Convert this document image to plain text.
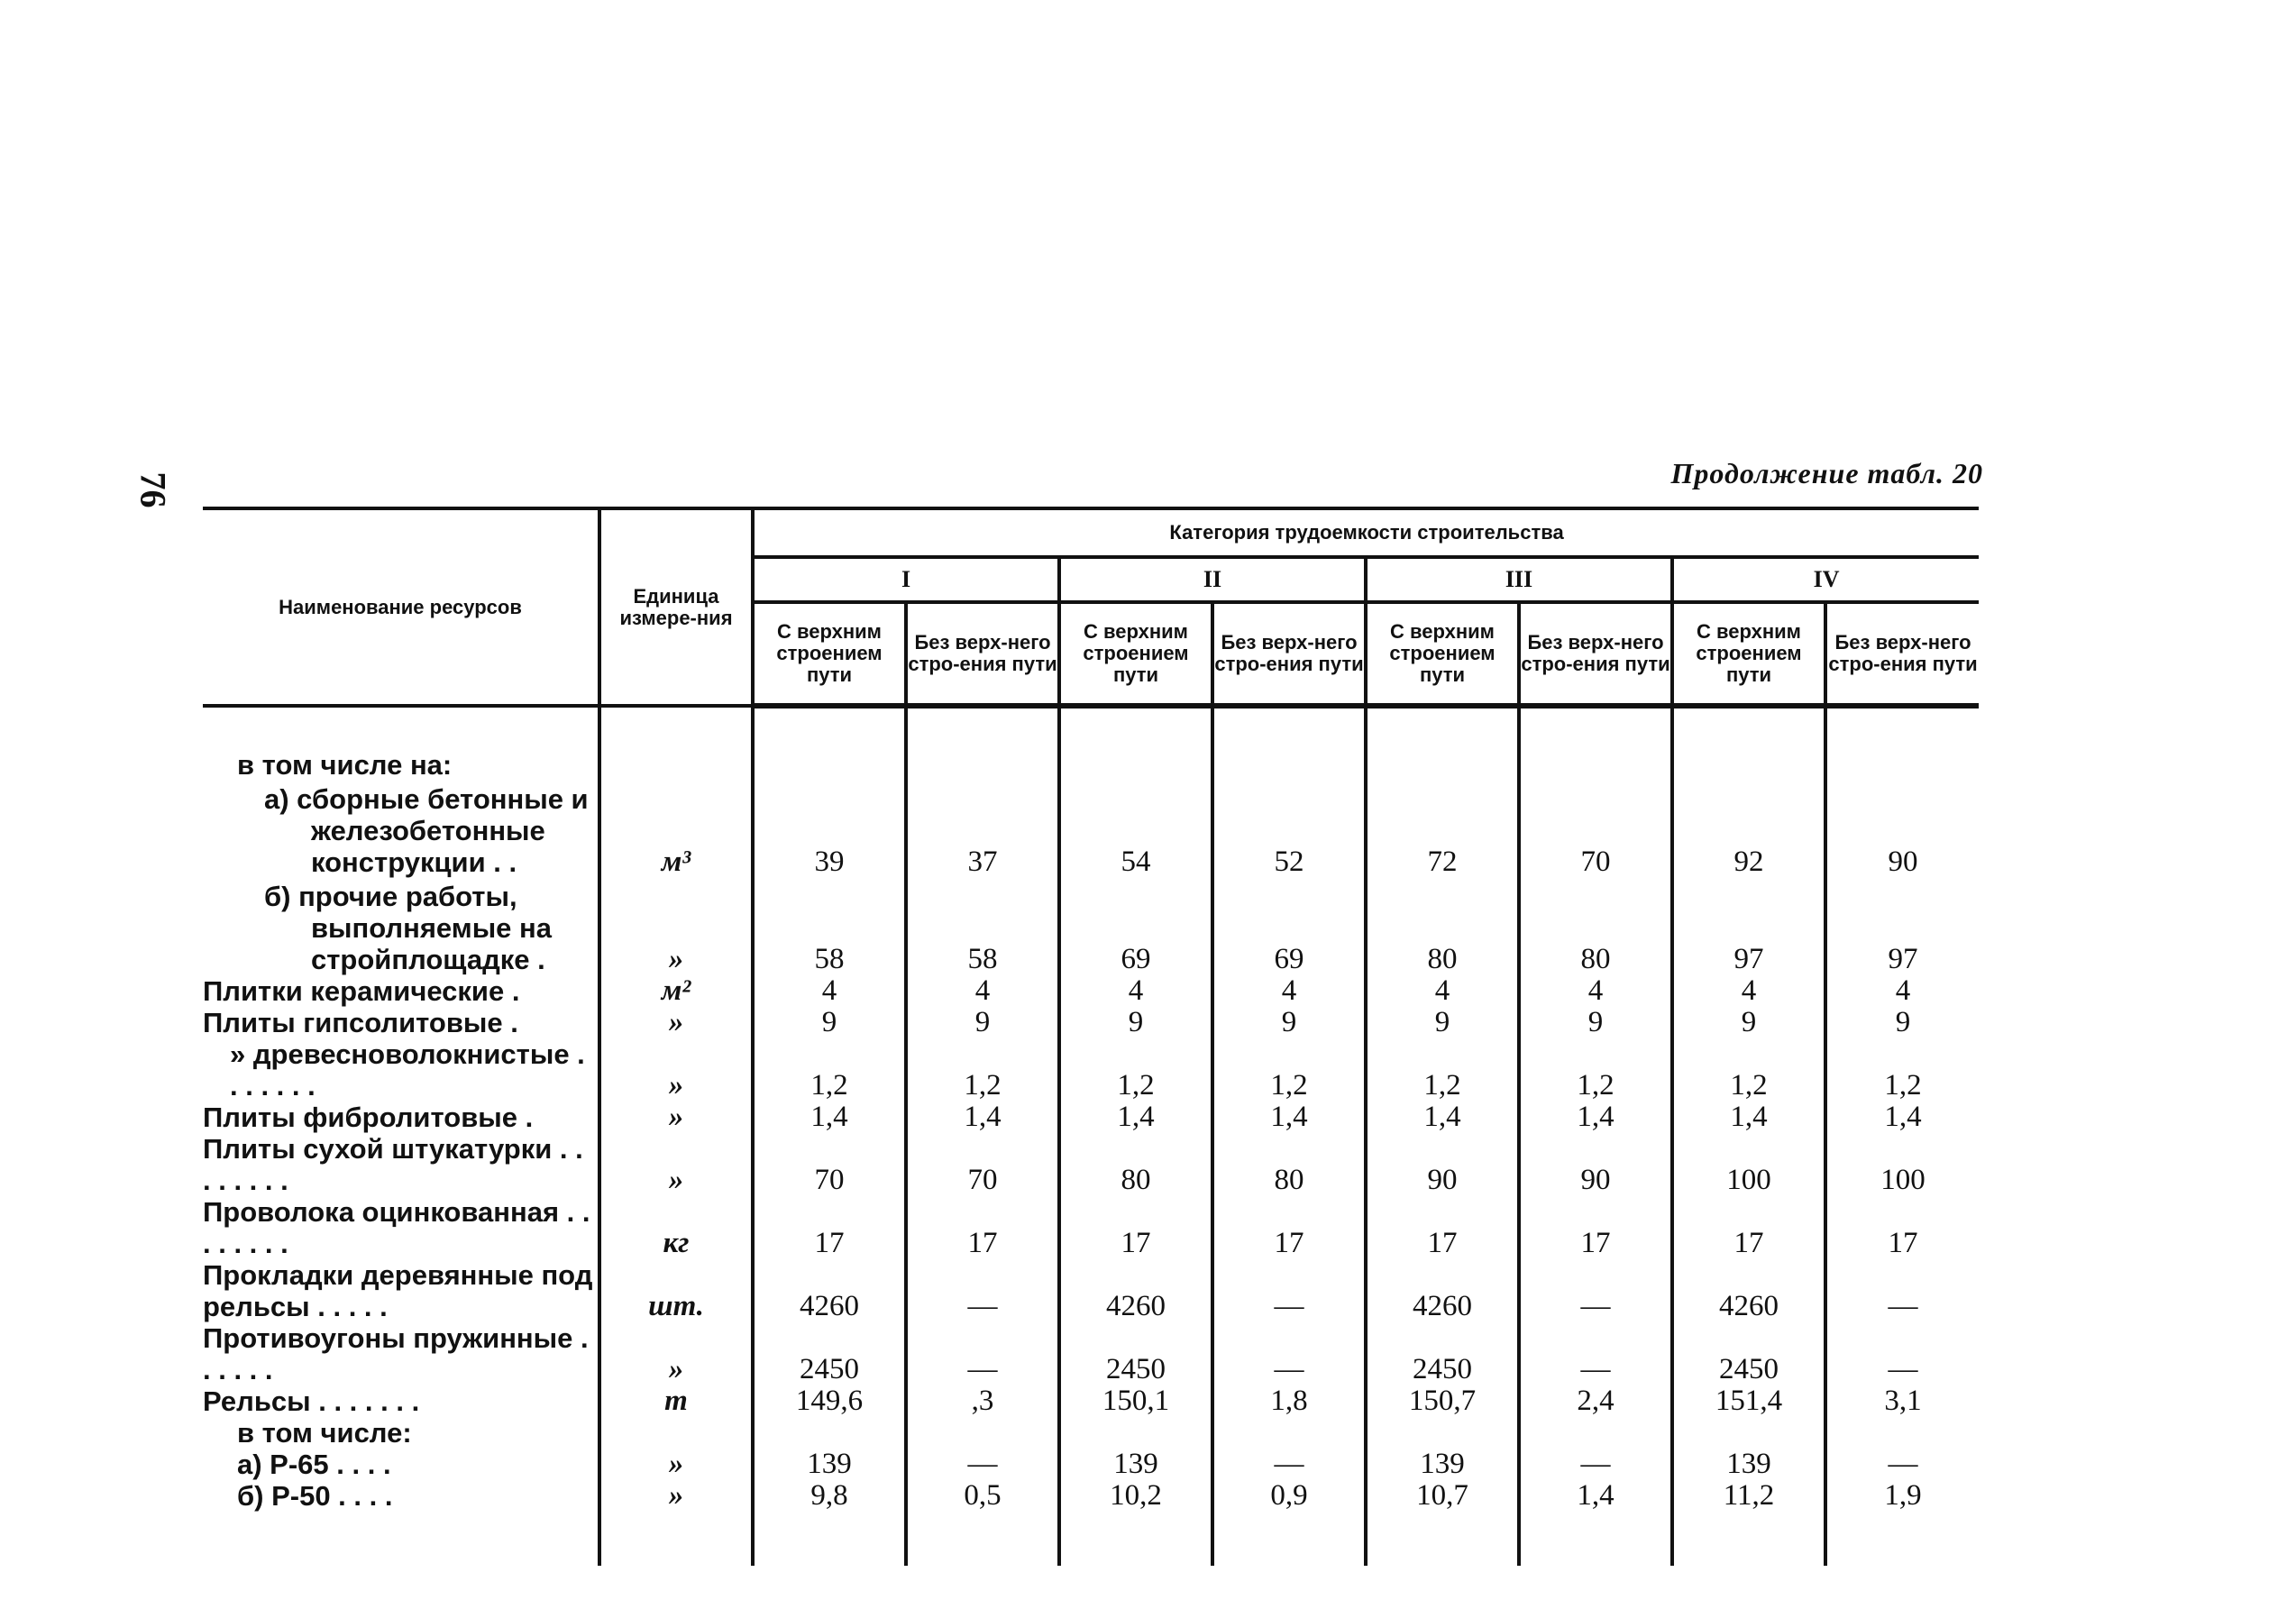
76	Продолжение табл. 20
Наименование ресурсов	Единица измере-ния	Категория трудоемкости строительства							
		I		II		III		IV	
		С верхним строением пути	Без верх-него стро-ения пути	С верхним строением пути	Без верх-него стро-ения пути	С верхним строением пути	Без верх-него стро-ения пути	С верхним строением пути	Без верх-него стро-ения пути

в том числе на:									
а) сборные бетонные и железобетонные конструкции . .	м³	39	37	54	52	72	70	92	90
б) прочие работы, выполняемые на стройплощадке .	»	58	58	69	69	80	80	97	97
Плитки керамические .	м²	4	4	4	4	4	4	4	4
Плиты гипсолитовые .	»	9	9	9	9	9	9	9	9
» древесноволокнистые . . . . . . .	»	1,2	1,2	1,2	1,2	1,2	1,2	1,2	1,2
Плиты фибролитовые .	»	1,4	1,4	1,4	1,4	1,4	1,4	1,4	1,4
Плиты сухой штукатурки . . . . . . . .	»	70	70	80	80	90	90	100	100
Проволока оцинкованная . . . . . . . .	кг	17	17	17	17	17	17	17	17
Прокладки деревянные под рельсы . . . . .	шт.	4260	—	4260	—	4260	—	4260	—
Противоугоны пружинные . . . . . .	»	2450	—	2450	—	2450	—	2450	—
Рельсы . . . . . . .	т	149,6	,3	150,1	1,8	150,7	2,4	151,4	3,1
в том числе:									
а) Р-65 . . . .	»	139	—	139	—	139	—	139	—
б) Р-50 . . . .	»	9,8	0,5	10,2	0,9	10,7	1,4	11,2	1,9
